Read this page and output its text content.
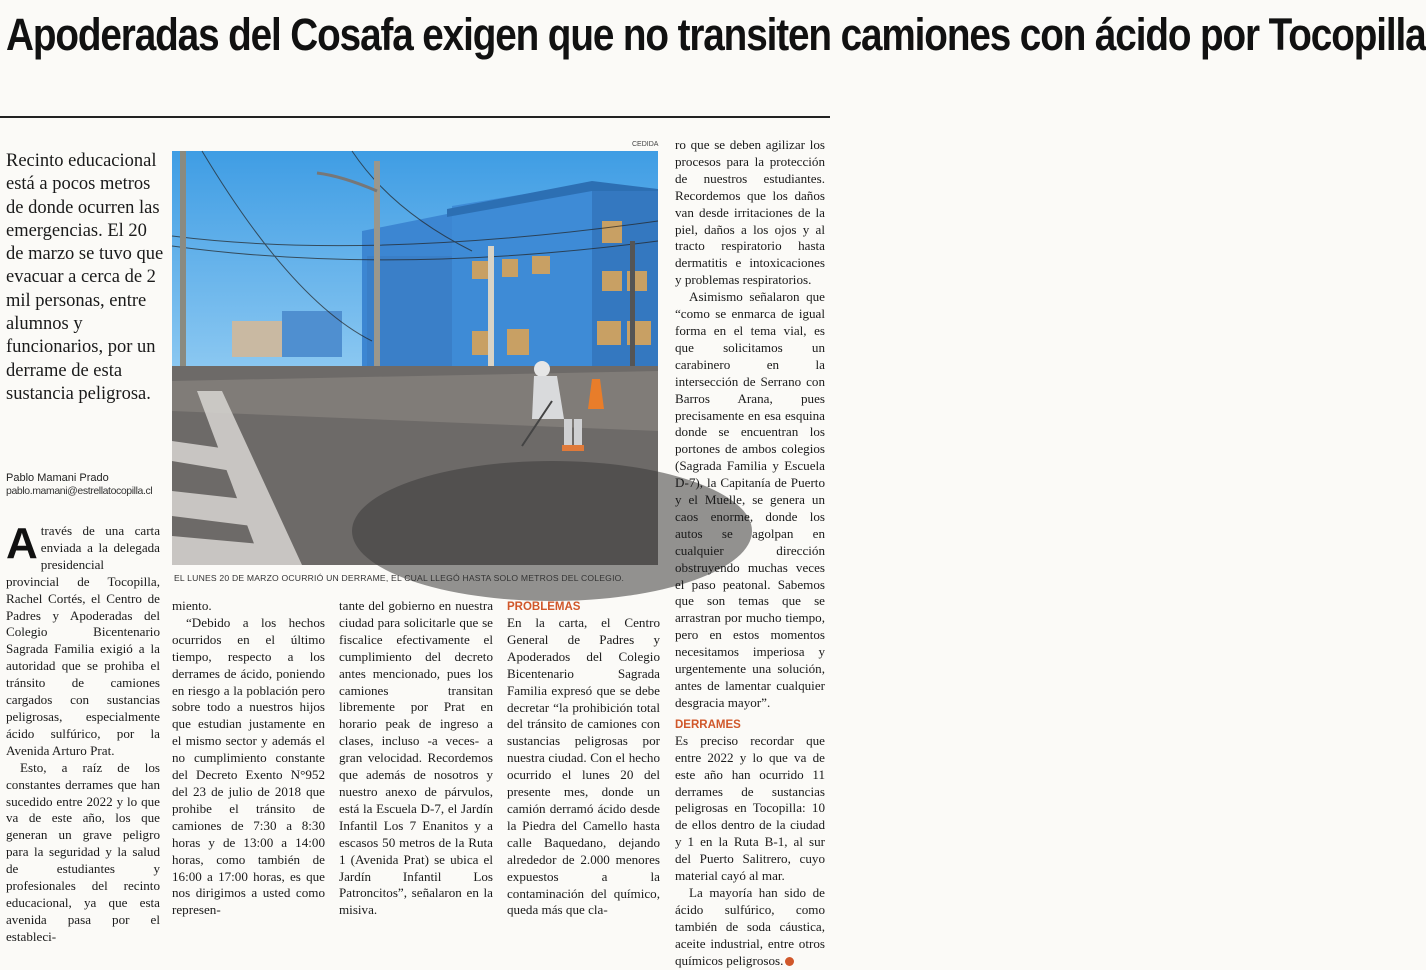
Apoderadas del Cosafa exigen que no transiten camiones con ácido por Tocopilla

Recinto educacional está a pocos metros de donde ocurren las emergencias. El 20 de marzo se tuvo que evacuar a cerca de 2 mil personas, entre alumnos y funcionarios, por un derrame de esta sustancia peligrosa.

Pablo Mamani Prado
pablo.mamani@estrellatocopilla.cl
CEDIDA
EL LUNES 20 DE MARZO OCURRIÓ UN DERRAME, EL CUAL LLEGÓ HASTA SOLO METROS DEL COLEGIO.
A través de una carta enviada a la delegada presidencial provincial de Tocopilla, Rachel Cortés, el Centro de Padres y Apoderadas del Colegio Bicentenario Sagrada Familia exigió a la autoridad que se prohiba el tránsito de camiones cargados con sustancias peligrosas, especialmente ácido sulfúrico, por la Avenida Arturo Prat.

Esto, a raíz de los constantes derrames que han sucedido entre 2022 y lo que va de este año, los que generan un grave peligro para la seguridad y la salud de estudiantes y profesionales del recinto educacional, ya que esta avenida pasa por el estableci-

miento.

“Debido a los hechos ocurridos en el último tiempo, respecto a los derrames de ácido, poniendo en riesgo a la población pero sobre todo a nuestros hijos que estudian justamente en el mismo sector y además el no cumplimiento constante del Decreto Exento N°952 del 23 de julio de 2018 que prohibe el tránsito de camiones de 7:30 a 8:30 horas y de 13:00 a 14:00 horas, como también de 16:00 a 17:00 horas, es que nos dirigimos a usted como represen-

tante del gobierno en nuestra ciudad para solicitarle que se fiscalice efectivamente el cumplimiento del decreto antes mencionado, pues los camiones transitan libremente por Prat en horario peak de ingreso a clases, incluso -a veces- a gran velocidad. Recordemos que además de nosotros y nuestro anexo de párvulos, está la Escuela D-7, el Jardín Infantil Los 7 Enanitos y a escasos 50 metros de la Ruta 1 (Avenida Prat) se ubica el Jardín Infantil Los Patroncitos”, señalaron en la misiva.

PROBLEMAS

En la carta, el Centro General de Padres y Apoderados del Colegio Bicentenario Sagrada Familia expresó que se debe decretar “la prohibición total del tránsito de camiones con sustancias peligrosas por nuestra ciudad. Con el hecho ocurrido el lunes 20 del presente mes, donde un camión derramó ácido desde la Piedra del Camello hasta calle Baquedano, dejando alrededor de 2.000 menores expuestos a la contaminación del químico, queda más que cla-

ro que se deben agilizar los procesos para la protección de nuestros estudiantes. Recordemos que los daños van desde irritaciones de la piel, daños a los ojos y al tracto respiratorio hasta dermatitis e intoxicaciones y problemas respiratorios.

Asimismo señalaron que “como se enmarca de igual forma en el tema vial, es que solicitamos un carabinero en la intersección de Serrano con Barros Arana, pues precisamente en esa esquina donde se encuentran los portones de ambos colegios (Sagrada Familia y Escuela D-7), la Capitanía de Puerto y el Muelle, se genera un caos enorme, donde los autos se agolpan en cualquier dirección obstruyendo muchas veces el paso peatonal. Sabemos que son temas que se arrastran por mucho tiempo, pero en estos momentos necesitamos imperiosa y urgentemente una solución, antes de lamentar cualquier desgracia mayor”.

DERRAMES

Es preciso recordar que entre 2022 y lo que va de este año han ocurrido 11 derrames de sustancias peligrosas en Tocopilla: 10 de ellos dentro de la ciudad y 1 en la Ruta B-1, al sur del Puerto Salitrero, cuyo material cayó al mar.

La mayoría han sido de ácido sulfúrico, como también de soda cáustica, aceite industrial, entre otros químicos peligrosos.
